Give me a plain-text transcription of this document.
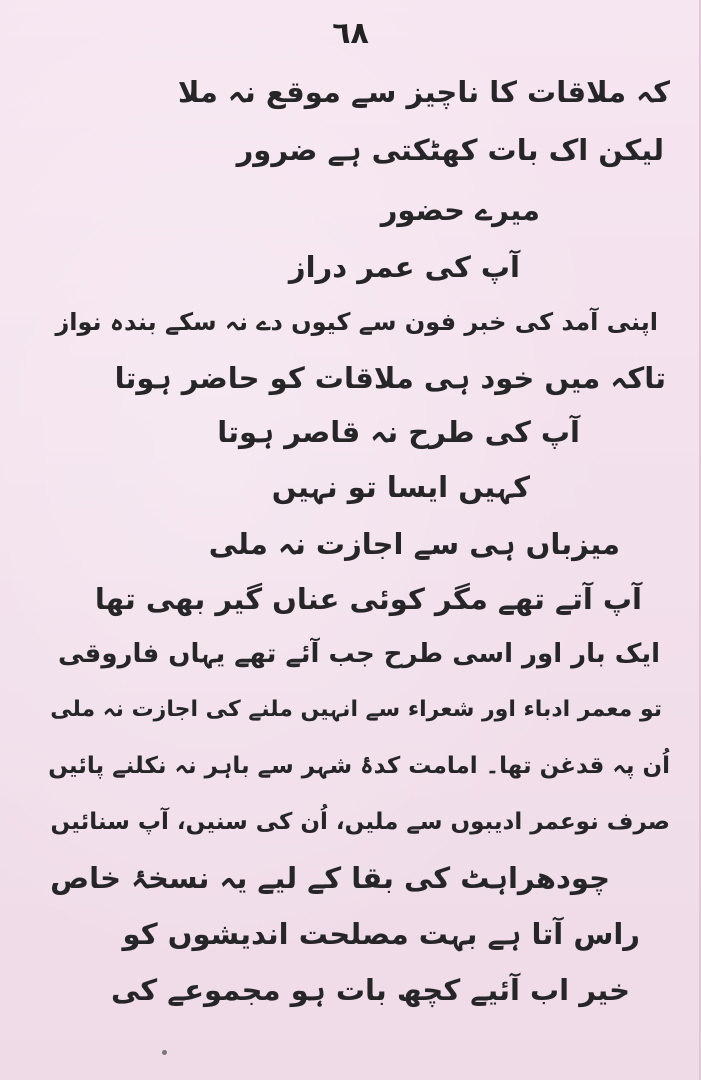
٦٨
کہ ملاقات کا ناچیز سے موقع نہ ملا
لیکن اک بات کھٹکتی ہے ضرور
میرے حضور
آپ کی عمر دراز
اپنی آمد کی خبر فون سے کیوں دے نہ سکے بندہ نواز
تاکہ میں خود ہی ملاقات کو حاضر ہوتا
آپ کی طرح نہ قاصر ہوتا
کہیں ایسا تو نہیں
میزباں ہی سے اجازت نہ ملی
آپ آتے تھے مگر کوئی عناں گیر بھی تھا
ایک بار اور اسی طرح جب آئے تھے یہاں فاروقی
تو معمر ادباء اور شعراء سے انہیں ملنے کی اجازت نہ ملی
اُن پہ قدغن تھا۔ امامت کدۂ شہر سے باہر نہ نکلنے پائیں
صرف نوعمر ادیبوں سے ملیں، اُن کی سنیں، آپ سنائیں
چودھراہٹ کی بقا کے لیے یہ نسخۂ خاص
راس آتا ہے بہت مصلحت اندیشوں کو
خیر اب آئیے کچھ بات ہو مجموعے کی
